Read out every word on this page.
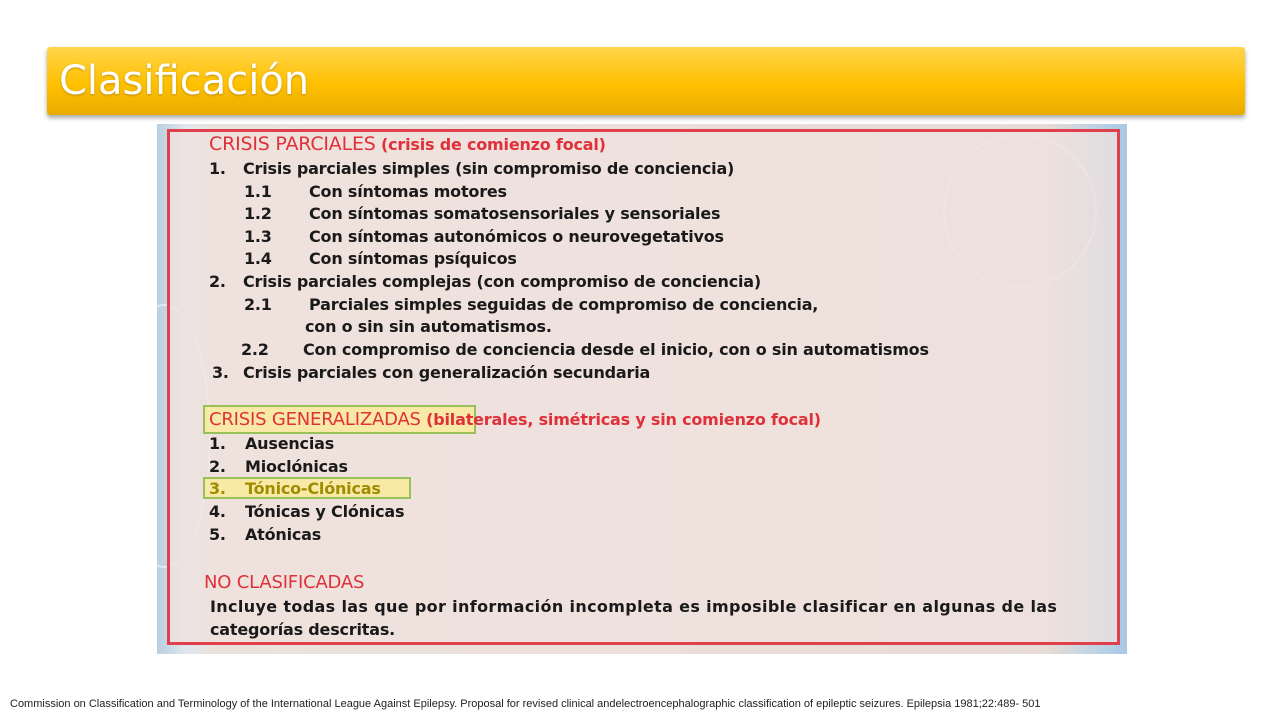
Clasificación
CRISIS PARCIALES (crisis de comienzo focal)
1. Crisis parciales simples (sin compromiso de conciencia)
1.1 Con síntomas motores
1.2 Con síntomas somatosensoriales y sensoriales
1.3 Con síntomas autonómicos o neurovegetativos
1.4 Con síntomas psíquicos
2. Crisis parciales complejas (con compromiso de conciencia)
2.1 Parciales simples seguidas de compromiso de conciencia,
con o sin sin automatismos.
2.2 Con compromiso de conciencia desde el inicio, con o sin automatismos
3. Crisis parciales con generalización secundaria
CRISIS GENERALIZADAS (bilaterales, simétricas y sin comienzo focal)
1. Ausencias
2. Mioclónicas
3. Tónico-Clónicas
4. Tónicas y Clónicas
5. Atónicas
NO CLASIFICADAS
Incluye todas las que por información incompleta es imposible clasificar en algunas de las
categorías descritas.
Commission on Classification and Terminology of the International League Against Epilepsy. Proposal for revised clinical andelectroencephalographic classification of epileptic seizures. Epilepsia 1981;22:489- 501
